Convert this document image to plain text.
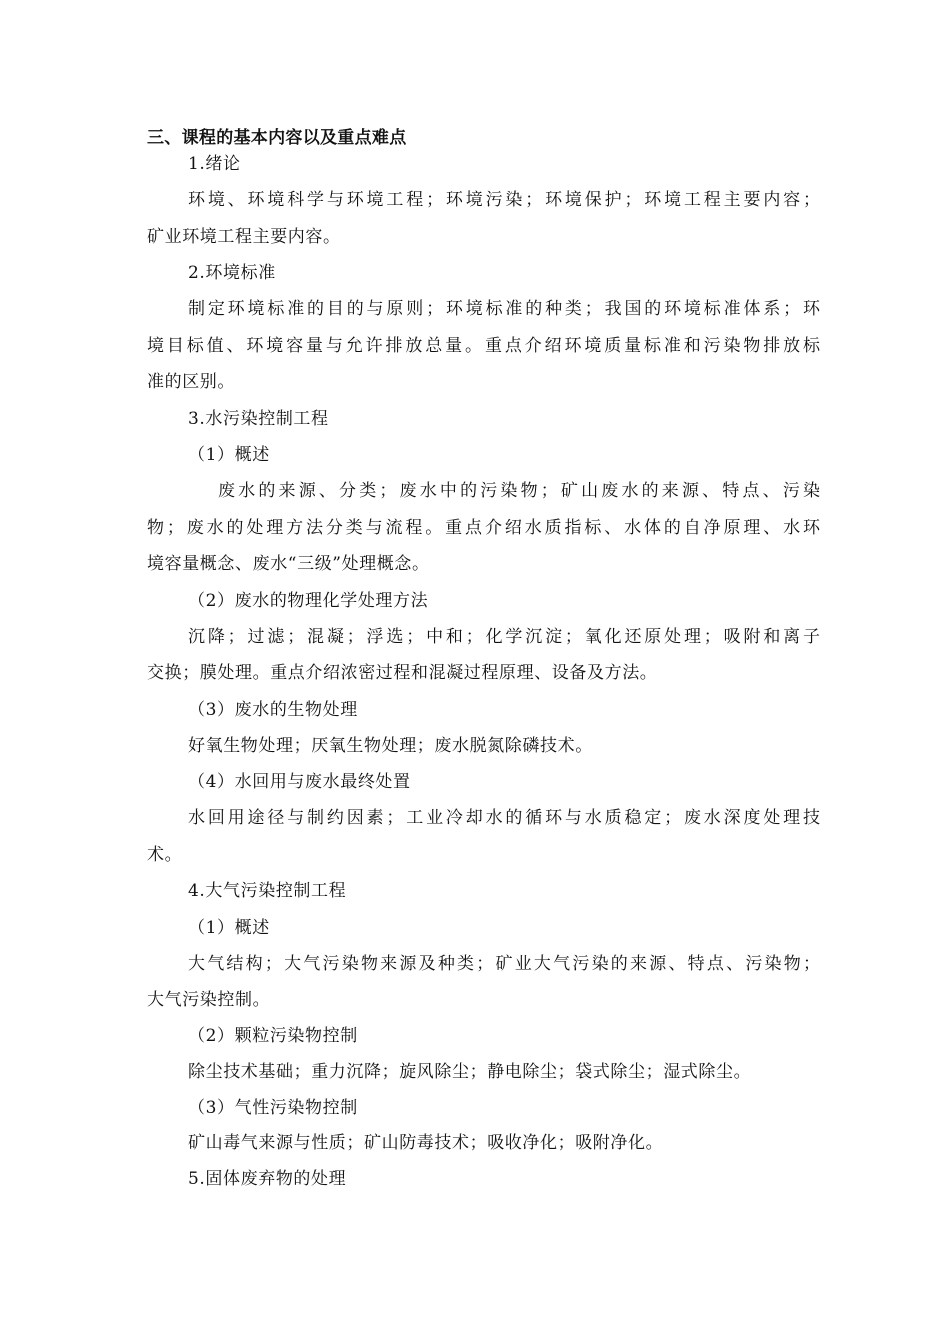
三、课程的基本内容以及重点难点
1.绪论
环境、环境科学与环境工程；环境污染；环境保护；环境工程主要内容；
矿业环境工程主要内容。
2.环境标准
制定环境标准的目的与原则；环境标准的种类；我国的环境标准体系；环
境目标值、环境容量与允许排放总量。重点介绍环境质量标准和污染物排放标
准的区别。
3.水污染控制工程
（1）概述
废水的来源、分类；废水中的污染物；矿山废水的来源、特点、污染
物；废水的处理方法分类与流程。重点介绍水质指标、水体的自净原理、水环
境容量概念、废水“三级”处理概念。
（2）废水的物理化学处理方法
沉降；过滤；混凝；浮选；中和；化学沉淀；氧化还原处理；吸附和离子
交换；膜处理。重点介绍浓密过程和混凝过程原理、设备及方法。
（3）废水的生物处理
好氧生物处理；厌氧生物处理；废水脱氮除磷技术。
（4）水回用与废水最终处置
水回用途径与制约因素；工业冷却水的循环与水质稳定；废水深度处理技
术。
4.大气污染控制工程
（1）概述
大气结构；大气污染物来源及种类；矿业大气污染的来源、特点、污染物；
大气污染控制。
（2）颗粒污染物控制
除尘技术基础；重力沉降；旋风除尘；静电除尘；袋式除尘；湿式除尘。
（3）气性污染物控制
矿山毒气来源与性质；矿山防毒技术；吸收净化；吸附净化。
5.固体废弃物的处理
